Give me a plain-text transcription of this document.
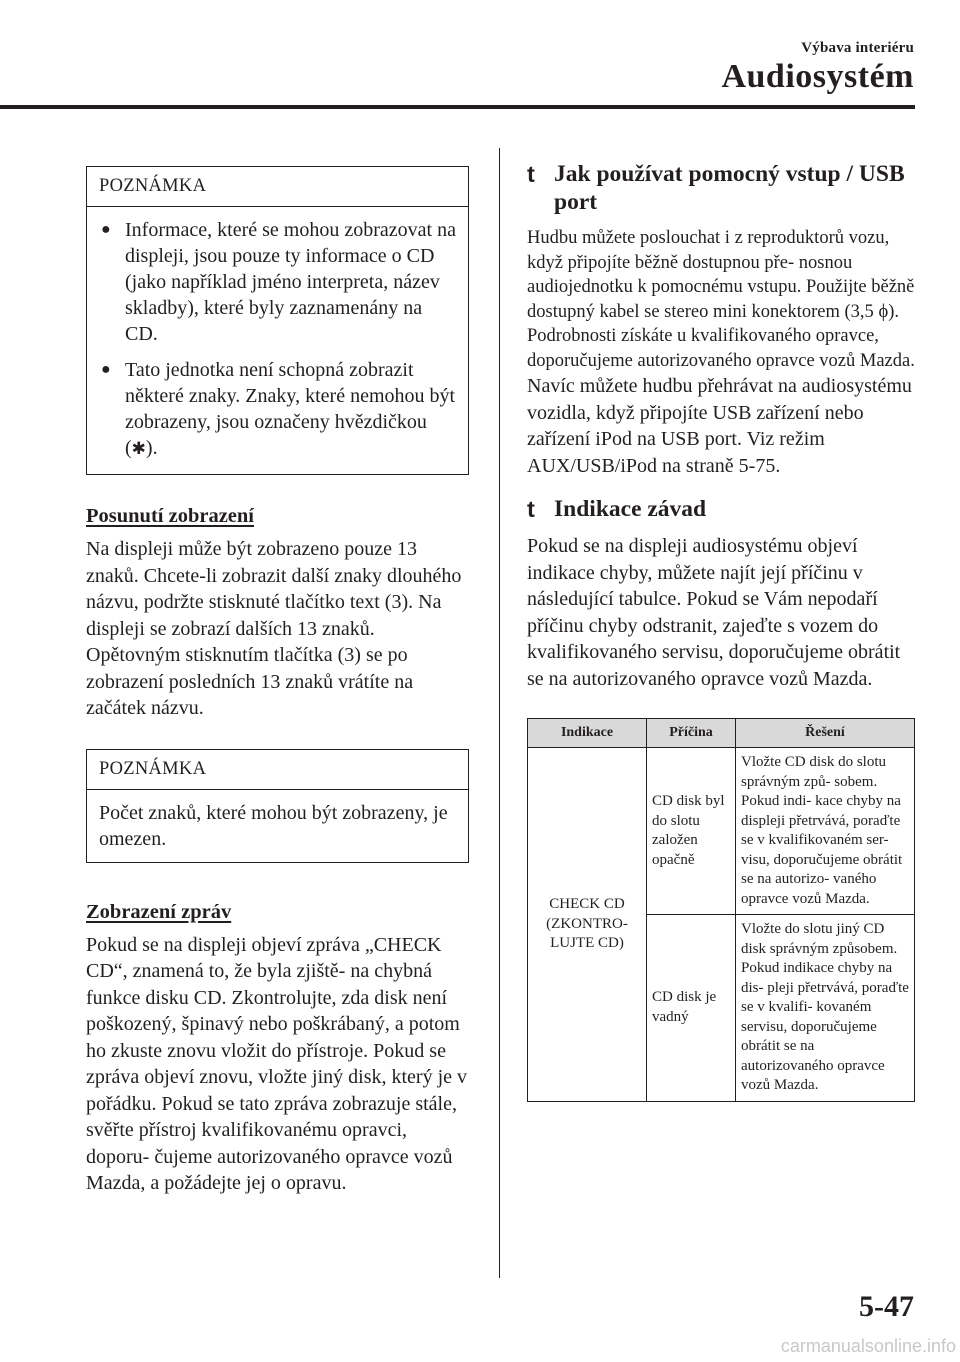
Výbava interiéru
Audiosystém
POZNÁMKA
● Informace, které se mohou zobrazovat na displeji, jsou pouze ty informace o CD (jako například jméno interpreta, název skladby), které byly zaznamenány na CD.
● Tato jednotka není schopná zobrazit některé znaky. Znaky, které nemohou být zobrazeny, jsou označeny hvězdičkou (✱).

Posunutí zobrazení

Na displeji může být zobrazeno pouze 13 znaků. Chcete-li zobrazit další znaky dlouhého názvu, podržte stisknuté tlačítko text (3). Na displeji se zobrazí dalších 13 znaků. Opětovným stisknutím tlačítka (3) se po zobrazení posledních 13 znaků vrátíte na začátek názvu.

POZNÁMKA
Počet znaků, které mohou být zobrazeny, je omezen.

Zobrazení zpráv

Pokud se na displeji objeví zpráva „CHECK CD“, znamená to, že byla zjiště- na chybná funkce disku CD. Zkontrolujte, zda disk není poškozený, špinavý nebo poškrábaný, a potom ho zkuste znovu vložit do přístroje. Pokud se zpráva objeví znovu, vložte jiný disk, který je v pořádku. Pokud se tato zpráva zobrazuje stále, svěřte přístroj kvalifikovanému opravci, doporu- čujeme autorizovaného opravce vozů Mazda, a požádejte jej o opravu.

t Jak používat pomocný vstup / USB port

Hudbu můžete poslouchat i z reproduktorů vozu, když připojíte běžně dostupnou pře- nosnou audiojednotku k pomocnému vstupu. Použijte běžně dostupný kabel se stereo mini konektorem (3,5 ϕ). Podrobnosti získáte u kvalifikovaného opravce, doporučujeme autorizovaného opravce vozů Mazda.

Navíc můžete hudbu přehrávat na audiosystému vozidla, když připojíte USB zařízení nebo zařízení iPod na USB port. Viz režim AUX/USB/iPod na straně 5-75.

t Indikace závad

Pokud se na displeji audiosystému objeví indikace chyby, můžete najít její příčinu v následující tabulce. Pokud se Vám nepodaří příčinu chyby odstranit, zajeďte s vozem do kvalifikovaného servisu, doporučujeme obrátit se na autorizovaného opravce vozů Mazda.

Indikace	Příčina	Řešení
CHECK CD (ZKONTRO- LUJTE CD)	CD disk byl do slotu založen opačně	Vložte CD disk do slotu správným způ- sobem. Pokud indi- kace chyby na displeji přetrvává, poraďte se v kvalifikovaném ser- visu, doporučujeme obrátit se na autorizo- vaného opravce vozů Mazda.
	CD disk je vadný	Vložte do slotu jiný CD disk správným způsobem. Pokud indikace chyby na dis- pleji přetrvává, poraďte se v kvalifi- kovaném servisu, doporučujeme obrátit se na autorizovaného opravce vozů Mazda.
5-47
carmanualsonline.info
